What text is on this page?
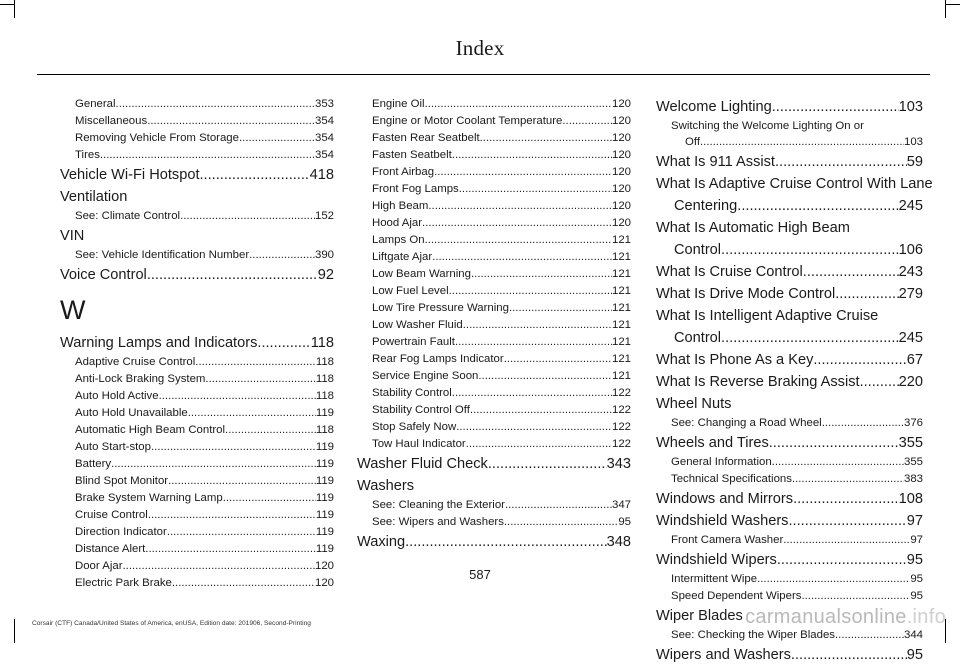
Index
General .....	353
Miscellaneous .....	354
Removing Vehicle From Storage .....	354
Tires .....	354
Vehicle Wi-Fi Hotspot .....	418
Ventilation
See: Climate Control .....	152
VIN
See: Vehicle Identification Number .....	390
Voice Control .....	92
W
Warning Lamps and Indicators .....	118
Adaptive Cruise Control .....	118
Anti-Lock Braking System .....	118
Auto Hold Active .....	118
Auto Hold Unavailable .....	119
Automatic High Beam Control .....	118
Auto Start-stop .....	119
Battery .....	119
Blind Spot Monitor .....	119
Brake System Warning Lamp .....	119
Cruise Control .....	119
Direction Indicator .....	119
Distance Alert .....	119
Door Ajar .....	120
Electric Park Brake .....	120
Engine Oil .....	120
Engine or Motor Coolant Temperature .....	120
Fasten Rear Seatbelt .....	120
Fasten Seatbelt .....	120
Front Airbag .....	120
Front Fog Lamps .....	120
High Beam .....	120
Hood Ajar .....	120
Lamps On .....	121
Liftgate Ajar .....	121
Low Beam Warning .....	121
Low Fuel Level .....	121
Low Tire Pressure Warning .....	121
Low Washer Fluid .....	121
Powertrain Fault .....	121
Rear Fog Lamps Indicator .....	121
Service Engine Soon .....	121
Stability Control .....	122
Stability Control Off .....	122
Stop Safely Now .....	122
Tow Haul Indicator .....	122
Washer Fluid Check .....	343
Washers
See: Cleaning the Exterior .....	347
See: Wipers and Washers .....	95
Waxing .....	348
Welcome Lighting .....	103
Switching the Welcome Lighting On or
Off .....	103
What Is 911 Assist .....	59
What Is Adaptive Cruise Control With Lane
Centering .....	245
What Is Automatic High Beam
Control .....	106
What Is Cruise Control .....	243
What Is Drive Mode Control .....	279
What Is Intelligent Adaptive Cruise
Control .....	245
What Is Phone As a Key .....	67
What Is Reverse Braking Assist .....	220
Wheel Nuts
See: Changing a Road Wheel .....	376
Wheels and Tires .....	355
General Information .....	355
Technical Specifications .....	383
Windows and Mirrors .....	108
Windshield Washers .....	97
Front Camera Washer .....	97
Windshield Wipers .....	95
Intermittent Wipe .....	95
Speed Dependent Wipers .....	95
Wiper Blades
See: Checking the Wiper Blades .....	344
Wipers and Washers .....	95
587
Corsair (CTF) Canada/United States of America, enUSA, Edition date: 201906, Second-Printing	carmanualsonline.info
